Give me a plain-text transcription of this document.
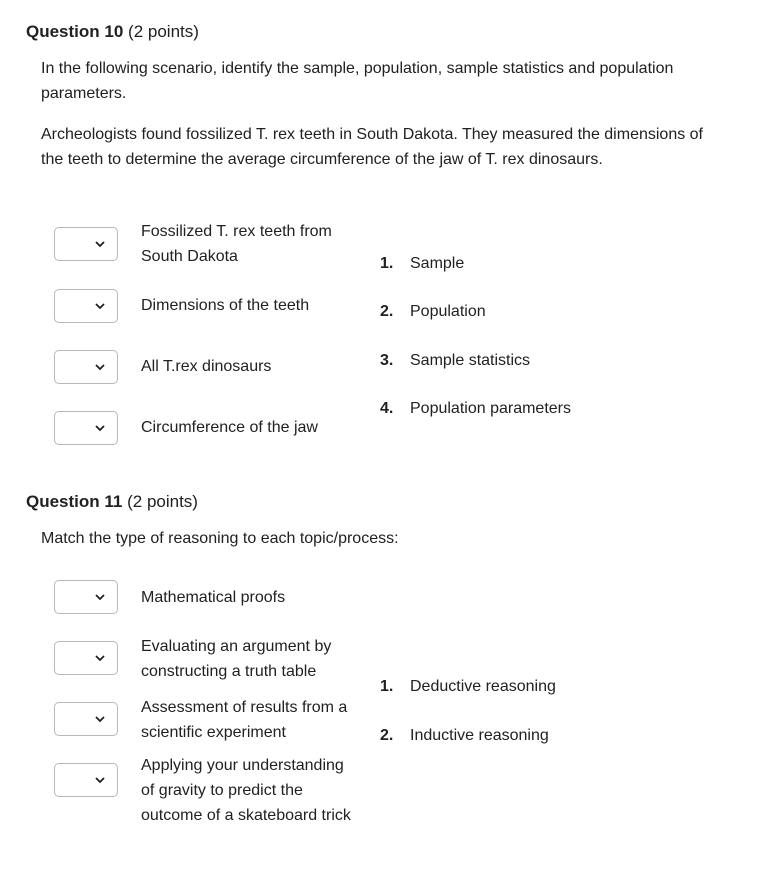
Question 10 (2 points)
In the following scenario, identify the sample, population, sample statistics and population parameters.
Archeologists found fossilized T. rex teeth in South Dakota. They measured the dimensions of the teeth to determine the average circumference of the jaw of T. rex dinosaurs.
Fossilized T. rex teeth from South Dakota
Dimensions of the teeth
All T.rex dinosaurs
Circumference of the jaw
1. Sample
2. Population
3. Sample statistics
4. Population parameters
Question 11 (2 points)
Match the type of reasoning to each topic/process:
Mathematical proofs
Evaluating an argument by constructing a truth table
Assessment of results from a scientific experiment
Applying your understanding of gravity to predict the outcome of a skateboard trick
1. Deductive reasoning
2. Inductive reasoning
